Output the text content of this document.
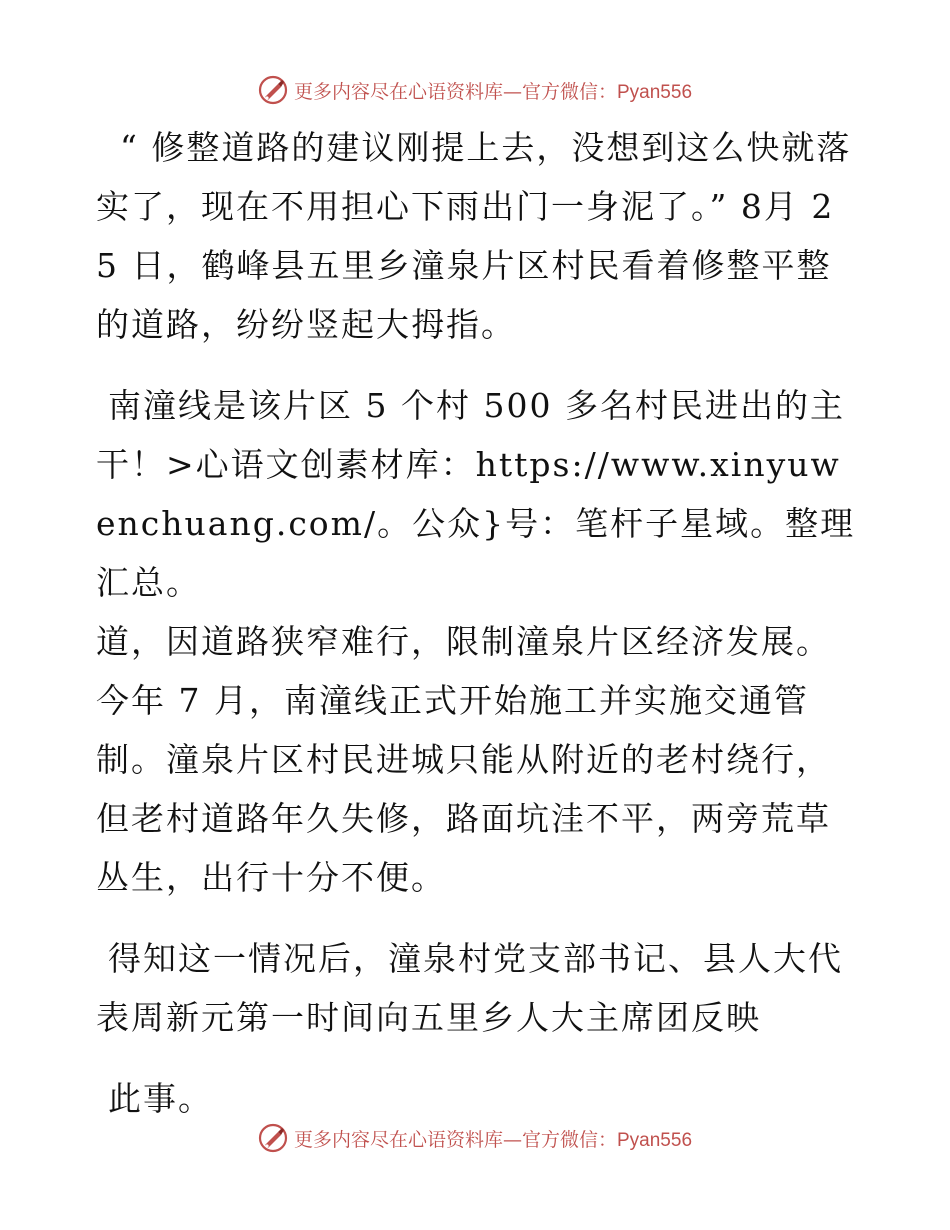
更多内容尽在心语资料库—官方微信：Pyan556

“ 修整道路的建议刚提上去，没想到这么快就落实了，现在不用担心下雨出门一身泥了。” 8月 25 日，鹤峰县五里乡潼泉片区村民看着修整平整的道路，纷纷竖起大拇指。

南潼线是该片区 5 个村 500 多名村民进出的主干！>心语文创素材库：https://www.xinyuwenchuang.com/。公众}号：笔杆子星域。整理汇总。

道，因道路狭窄难行，限制潼泉片区经济发展。今年 7 月，南潼线正式开始施工并实施交通管制。潼泉片区村民进城只能从附近的老村绕行，但老村道路年久失修，路面坑洼不平，两旁荒草丛生，出行十分不便。

得知这一情况后，潼泉村党支部书记、县人大代表周新元第一时间向五里乡人大主席团反映

此事。

更多内容尽在心语资料库—官方微信：Pyan556
